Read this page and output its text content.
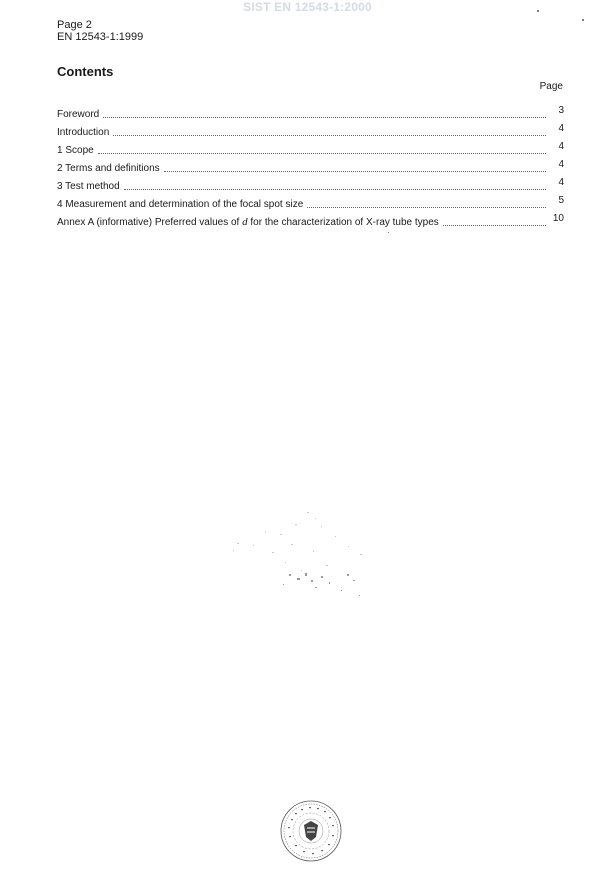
SIST EN 12543-1:2000
Page 2
EN 12543-1:1999
Contents
Page
Foreword	3
Introduction	4
1 Scope	4
2 Terms and definitions	4
3 Test method	4
4 Measurement and determination of the focal spot size	5
Annex A (informative) Preferred values of d for the characterization of X-ray tube types	10
